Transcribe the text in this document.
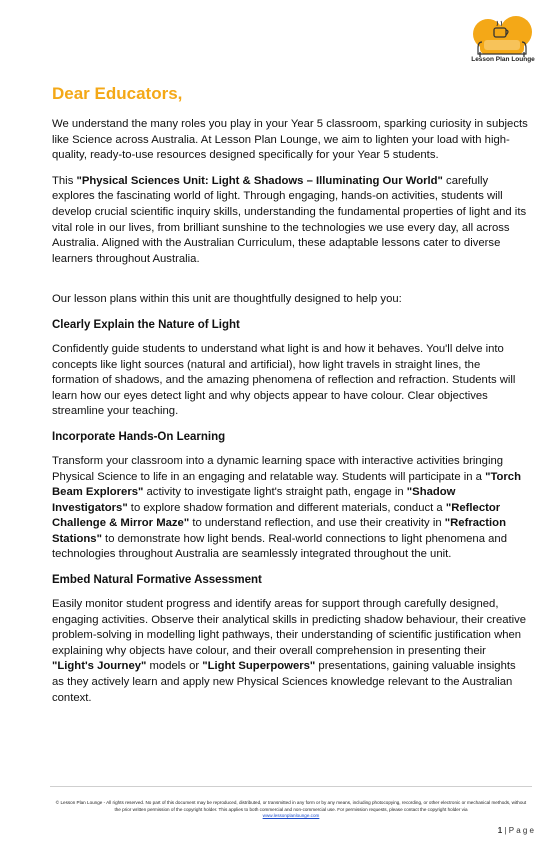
Lesson Plan Lounge
Dear Educators,

We understand the many roles you play in your Year 5 classroom, sparking curiosity in subjects like Science across Australia. At Lesson Plan Lounge, we aim to lighten your load with high-quality, ready-to-use resources designed specifically for your Year 5 students.

This "Physical Sciences Unit: Light & Shadows – Illuminating Our World" carefully explores the fascinating world of light. Through engaging, hands-on activities, students will develop crucial scientific inquiry skills, understanding the fundamental properties of light and its vital role in our lives, from brilliant sunshine to the technologies we use every day, all across Australia. Aligned with the Australian Curriculum, these adaptable lessons cater to diverse learners throughout Australia.

Our lesson plans within this unit are thoughtfully designed to help you:

Clearly Explain the Nature of Light

Confidently guide students to understand what light is and how it behaves. You'll delve into concepts like light sources (natural and artificial), how light travels in straight lines, the formation of shadows, and the amazing phenomena of reflection and refraction. Students will learn how our eyes detect light and why objects appear to have colour. Clear objectives streamline your teaching.

Incorporate Hands-On Learning

Transform your classroom into a dynamic learning space with interactive activities bringing Physical Science to life in an engaging and relatable way. Students will participate in a "Torch Beam Explorers" activity to investigate light's straight path, engage in "Shadow Investigators" to explore shadow formation and different materials, conduct a "Reflector Challenge & Mirror Maze" to understand reflection, and use their creativity in "Refraction Stations" to demonstrate how light bends. Real-world connections to light phenomena and technologies throughout Australia are seamlessly integrated throughout the unit.

Embed Natural Formative Assessment

Easily monitor student progress and identify areas for support through carefully designed, engaging activities. Observe their analytical skills in predicting shadow behaviour, their creative problem-solving in modelling light pathways, their understanding of scientific justification when explaining why objects have colour, and their overall comprehension in presenting their "Light's Journey" models or "Light Superpowers" presentations, gaining valuable insights as they actively learn and apply new Physical Sciences knowledge relevant to the Australian context.

© Lesson Plan Lounge - All rights reserved. No part of this document may be reproduced, distributed, or transmitted in any form or by any means, including photocopying, recording, or other electronic or mechanical methods, without the prior written permission of the copyright holder. This applies to both commercial and non-commercial use. For permission requests, please contact the copyright holder via
www.lessonplanlounge.com
1 | P a g e
